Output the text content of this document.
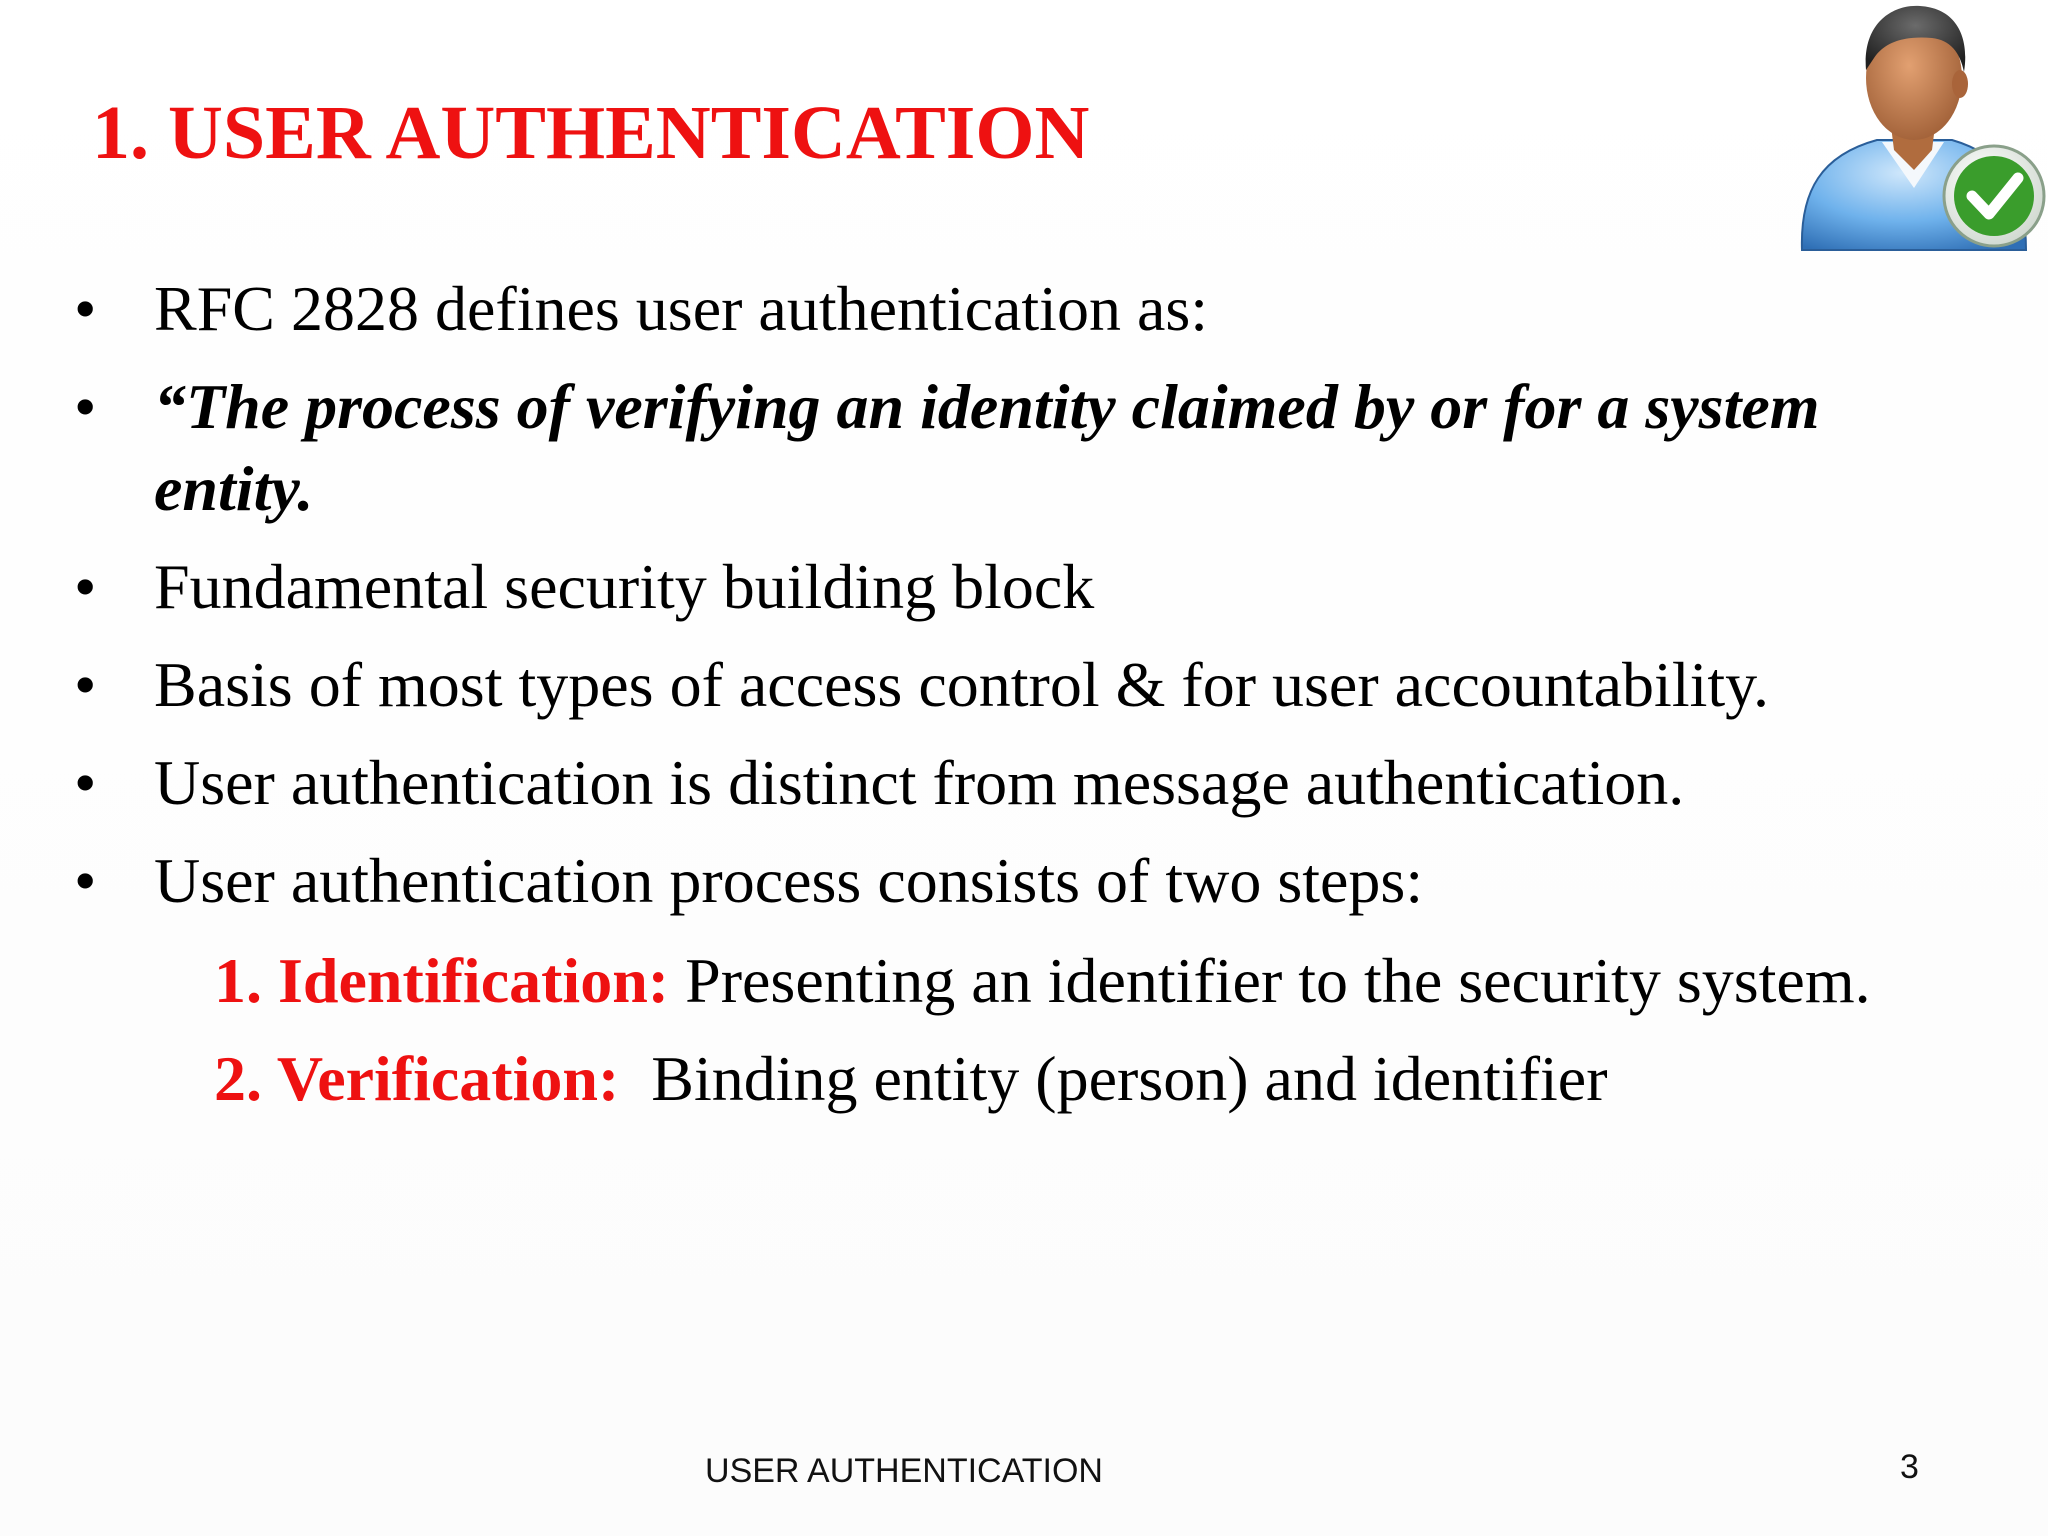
1. USER AUTHENTICATION
• RFC 2828 defines user authentication as:
• “The process of verifying an identity claimed by or for a system entity.
• Fundamental security building block
• Basis of most types of access control & for user accountability.
• User authentication is distinct from message authentication.
• User authentication process consists of two steps:
1. Identification: Presenting an identifier to the security system.
2. Verification: Binding entity (person) and identifier
USER AUTHENTICATION	3
